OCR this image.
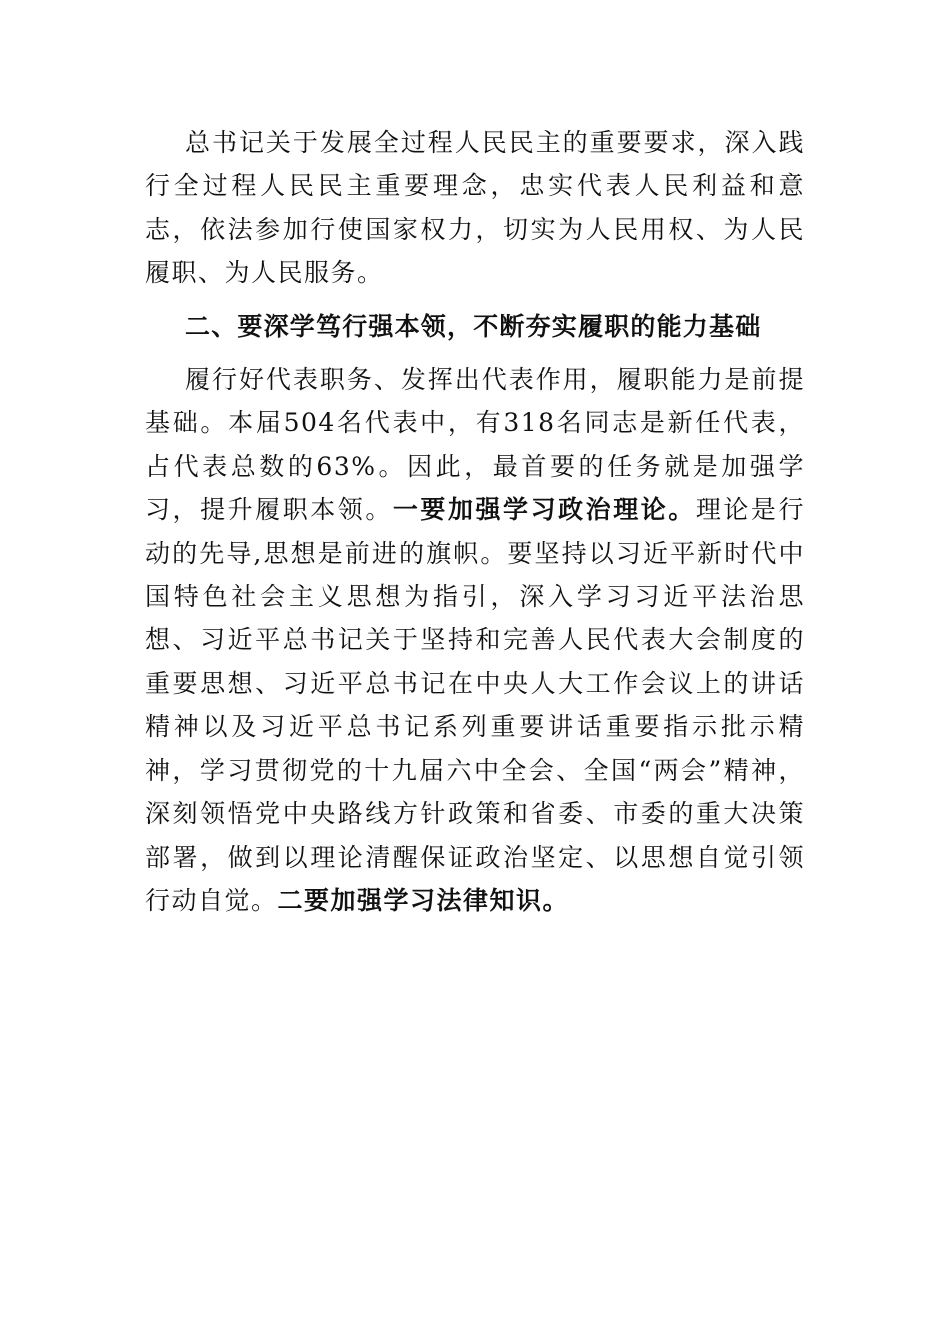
总书记关于发展全过程人民民主的重要要求，深入践行全过程人民民主重要理念，忠实代表人民利益和意志，依法参加行使国家权力，切实为人民用权、为人民履职、为人民服务。

二、要深学笃行强本领，不断夯实履职的能力基础

履行好代表职务、发挥出代表作用，履职能力是前提基础。本届504名代表中，有318名同志是新任代表，占代表总数的63%。因此，最首要的任务就是加强学习，提升履职本领。一要加强学习政治理论。理论是行动的先导,思想是前进的旗帜。要坚持以习近平新时代中国特色社会主义思想为指引，深入学习习近平法治思想、习近平总书记关于坚持和完善人民代表大会制度的重要思想、习近平总书记在中央人大工作会议上的讲话精神以及习近平总书记系列重要讲话重要指示批示精神，学习贯彻党的十九届六中全会、全国“两会”精神，深刻领悟党中央路线方针政策和省委、市委的重大决策部署，做到以理论清醒保证政治坚定、以思想自觉引领行动自觉。二要加强学习法律知识。
